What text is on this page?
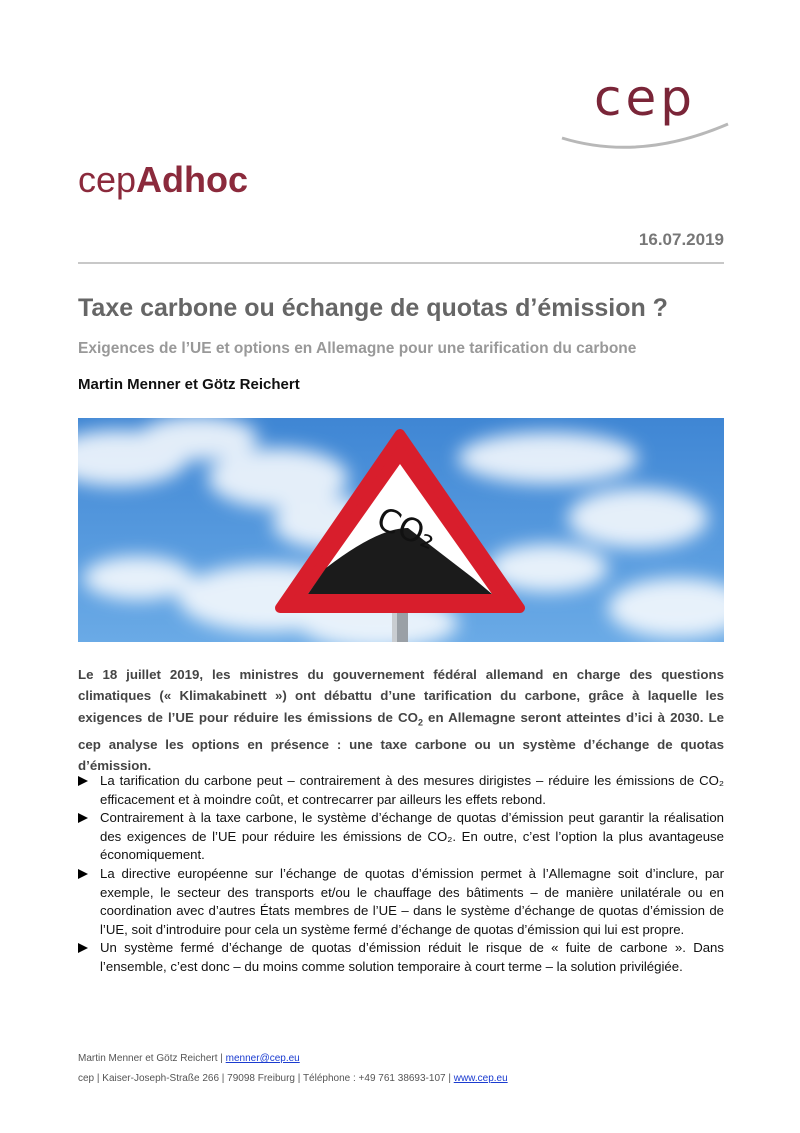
cep
cepAdhoc
16.07.2019
Taxe carbone ou échange de quotas d’émission ?
Exigences de l’UE et options en Allemagne pour une tarification du carbone
Martin Menner et Götz Reichert
CO₂

Le 18 juillet 2019, les ministres du gouvernement fédéral allemand en charge des questions climatiques (« Klimakabinett ») ont débattu d’une tarification du carbone, grâce à laquelle les exigences de l’UE pour réduire les émissions de $CO_2$ en Allemagne seront atteintes d’ici à 2030. Le cep analyse les options en présence : une taxe carbone ou un système d’échange de quotas d’émission.

La tarification du carbone peut – contrairement à des mesures dirigistes – réduire les émissions de CO₂ efficacement et à moindre coût, et contrecarrer par ailleurs les effets rebond.
Contrairement à la taxe carbone, le système d’échange de quotas d’émission peut garantir la réalisation des exigences de l’UE pour réduire les émissions de CO₂. En outre, c’est l’option la plus avantageuse économiquement.
La directive européenne sur l’échange de quotas d’émission permet à l’Allemagne soit d’inclure, par exemple, le secteur des transports et/ou le chauffage des bâtiments – de manière unilatérale ou en coordination avec d’autres États membres de l’UE – dans le système d’échange de quotas d’émission de l’UE, soit d’introduire pour cela un système fermé d’échange de quotas d’émission qui lui est propre.
Un système fermé d’échange de quotas d’émission réduit le risque de « fuite de carbone ». Dans l’ensemble, c’est donc – du moins comme solution temporaire à court terme – la solution privilégiée.
Martin Menner et Götz Reichert | menner@cep.eu
cep | Kaiser-Joseph-Straße 266 | 79098 Freiburg | Téléphone : +49 761 38693-107 | www.cep.eu
